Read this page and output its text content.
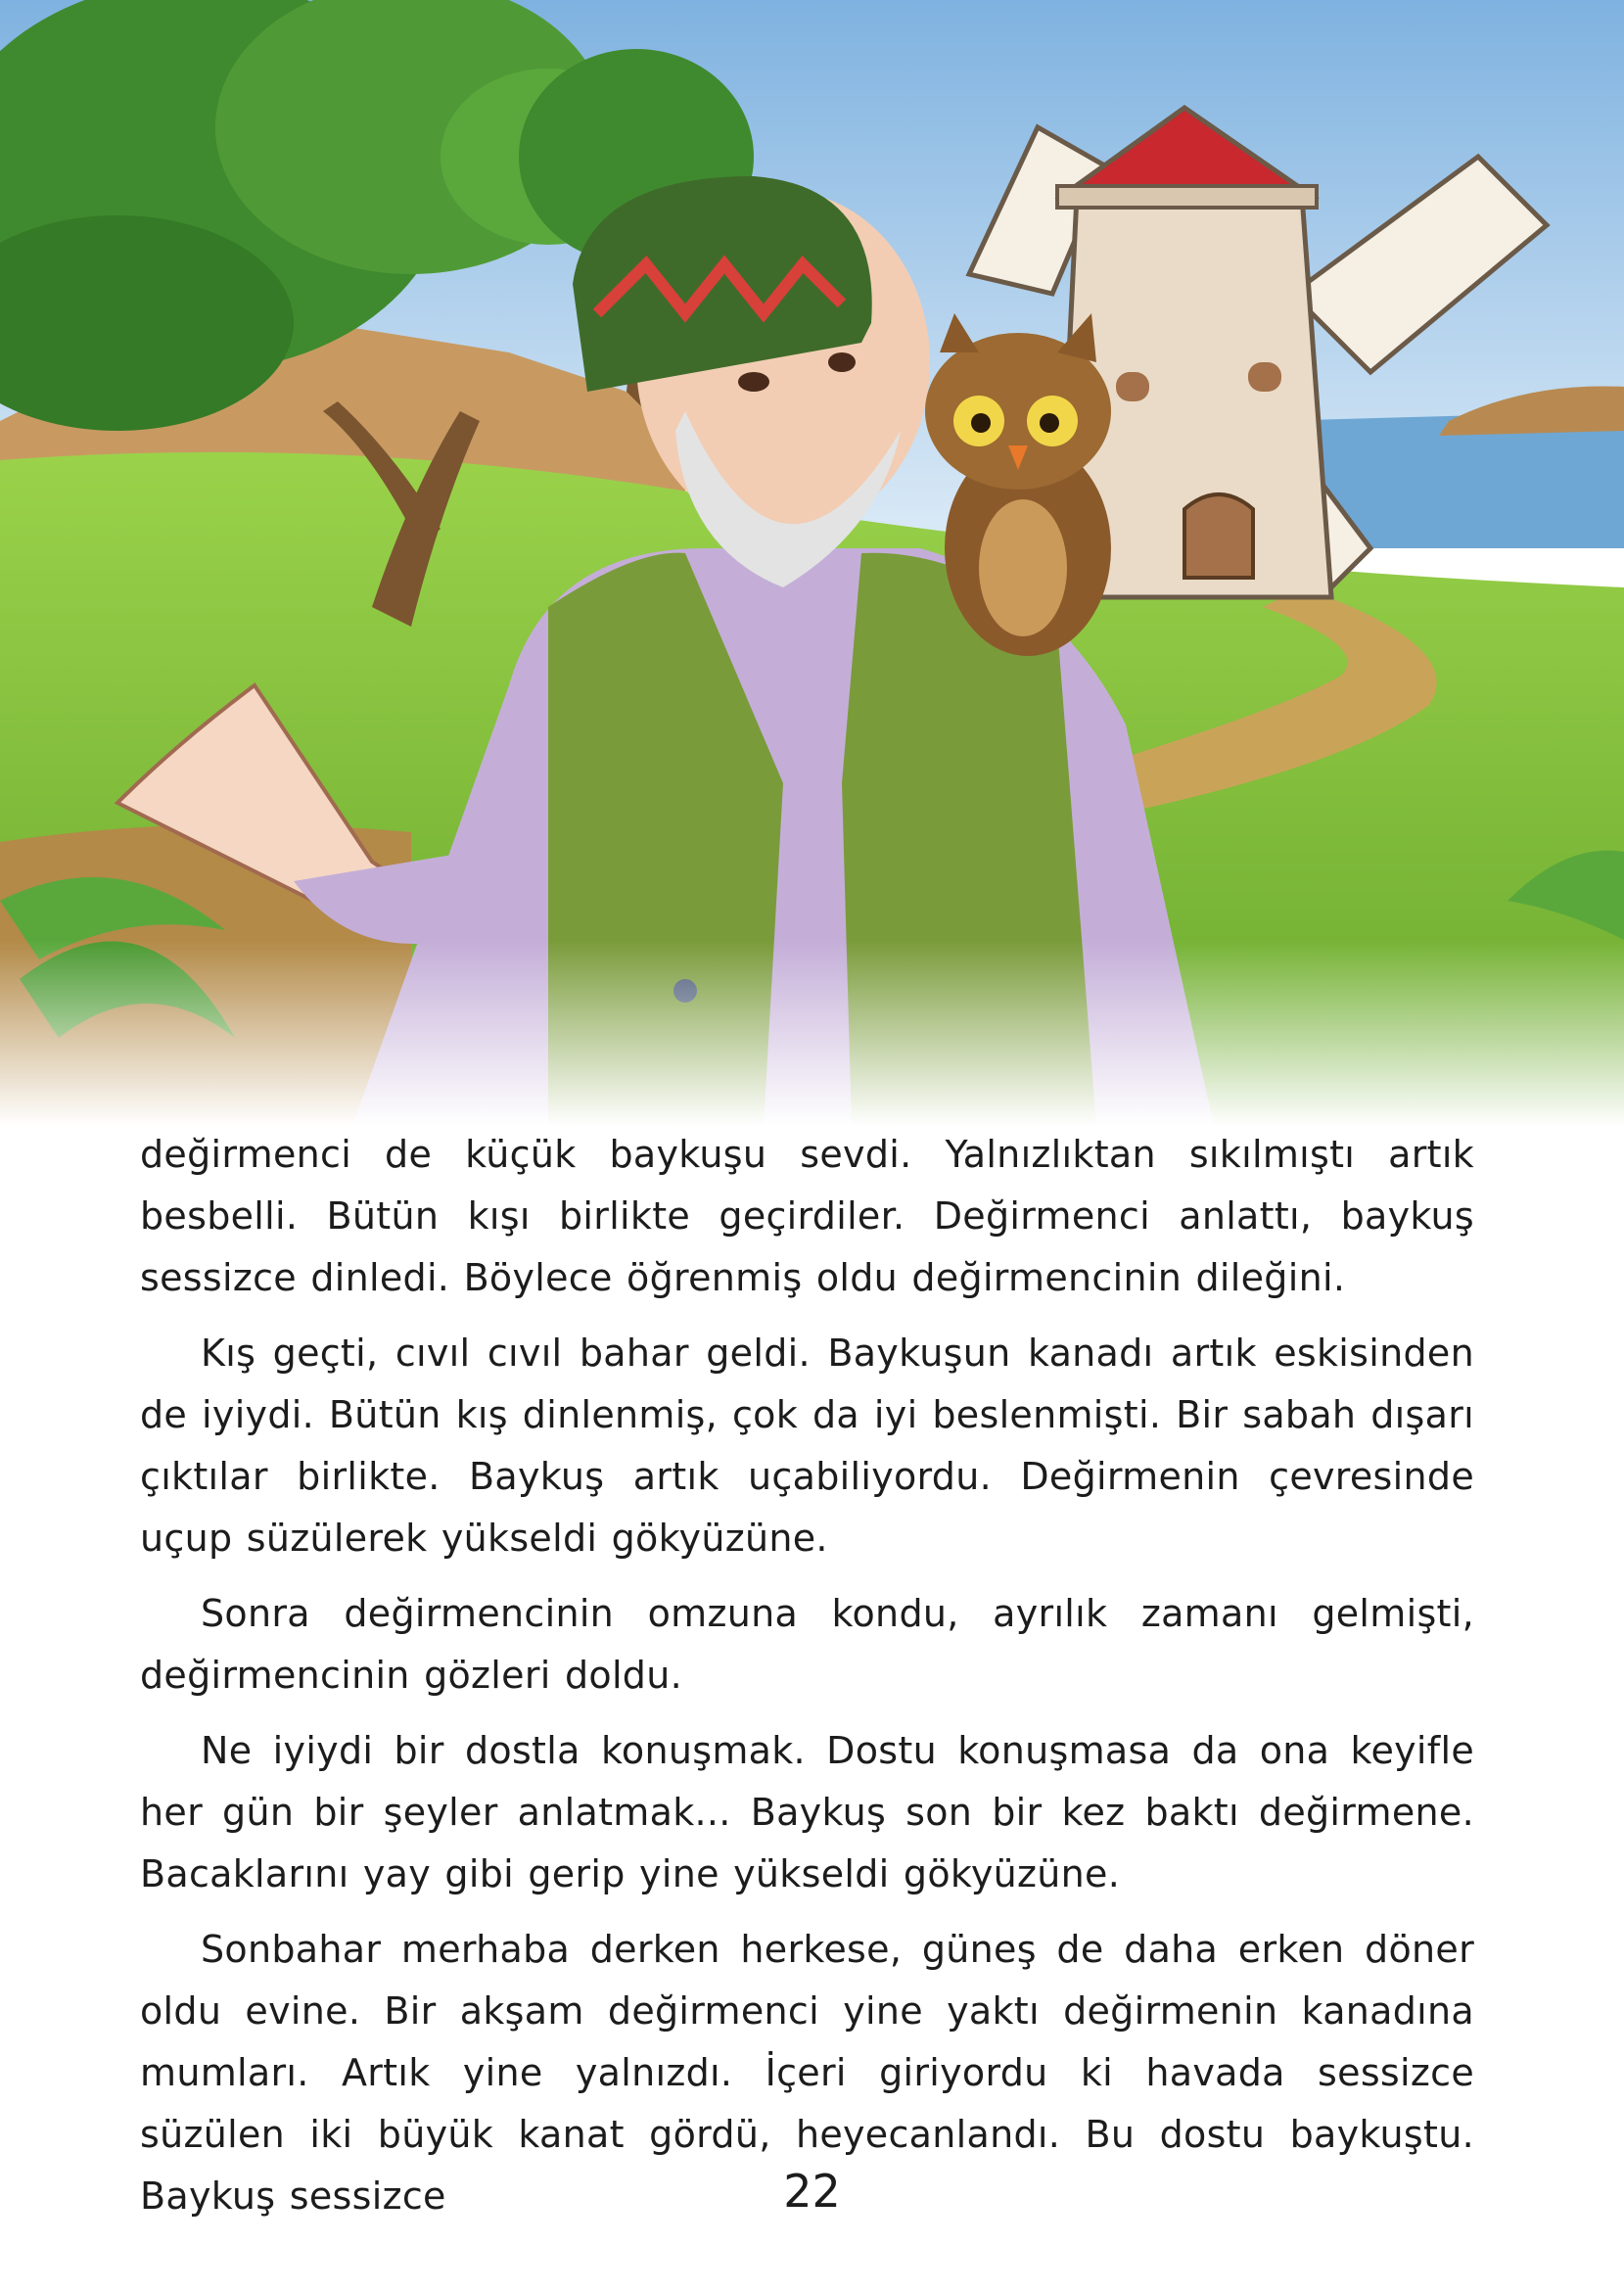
değirmenci de küçük baykuşu sevdi. Yalnızlıktan sıkılmıştı artık besbelli. Bütün kışı birlikte geçirdiler. Değirmenci anlattı, baykuş sessizce dinledi. Böylece öğrenmiş oldu değirmencinin dileğini.

Kış geçti, cıvıl cıvıl bahar geldi. Baykuşun kanadı artık eskisinden de iyiydi. Bütün kış dinlenmiş, çok da iyi beslenmişti. Bir sabah dışarı çıktılar birlikte. Baykuş artık uçabiliyordu. Değirmenin çevresinde uçup süzülerek yükseldi gökyüzüne.

Sonra değirmencinin omzuna kondu, ayrılık zamanı gelmişti, değirmencinin gözleri doldu.

Ne iyiydi bir dostla konuşmak. Dostu konuşmasa da ona keyifle her gün bir şeyler anlatmak... Baykuş son bir kez baktı değirmene. Bacaklarını yay gibi gerip yine yükseldi gökyüzüne.

Sonbahar merhaba derken herkese, güneş de daha erken döner oldu evine. Bir akşam değirmenci yine yaktı değirmenin kanadına mumları. Artık yine yalnızdı. İçeri giriyordu ki havada sessizce süzülen iki büyük kanat gördü, heyecanlandı. Bu dostu baykuştu. Baykuş sessizce	22
